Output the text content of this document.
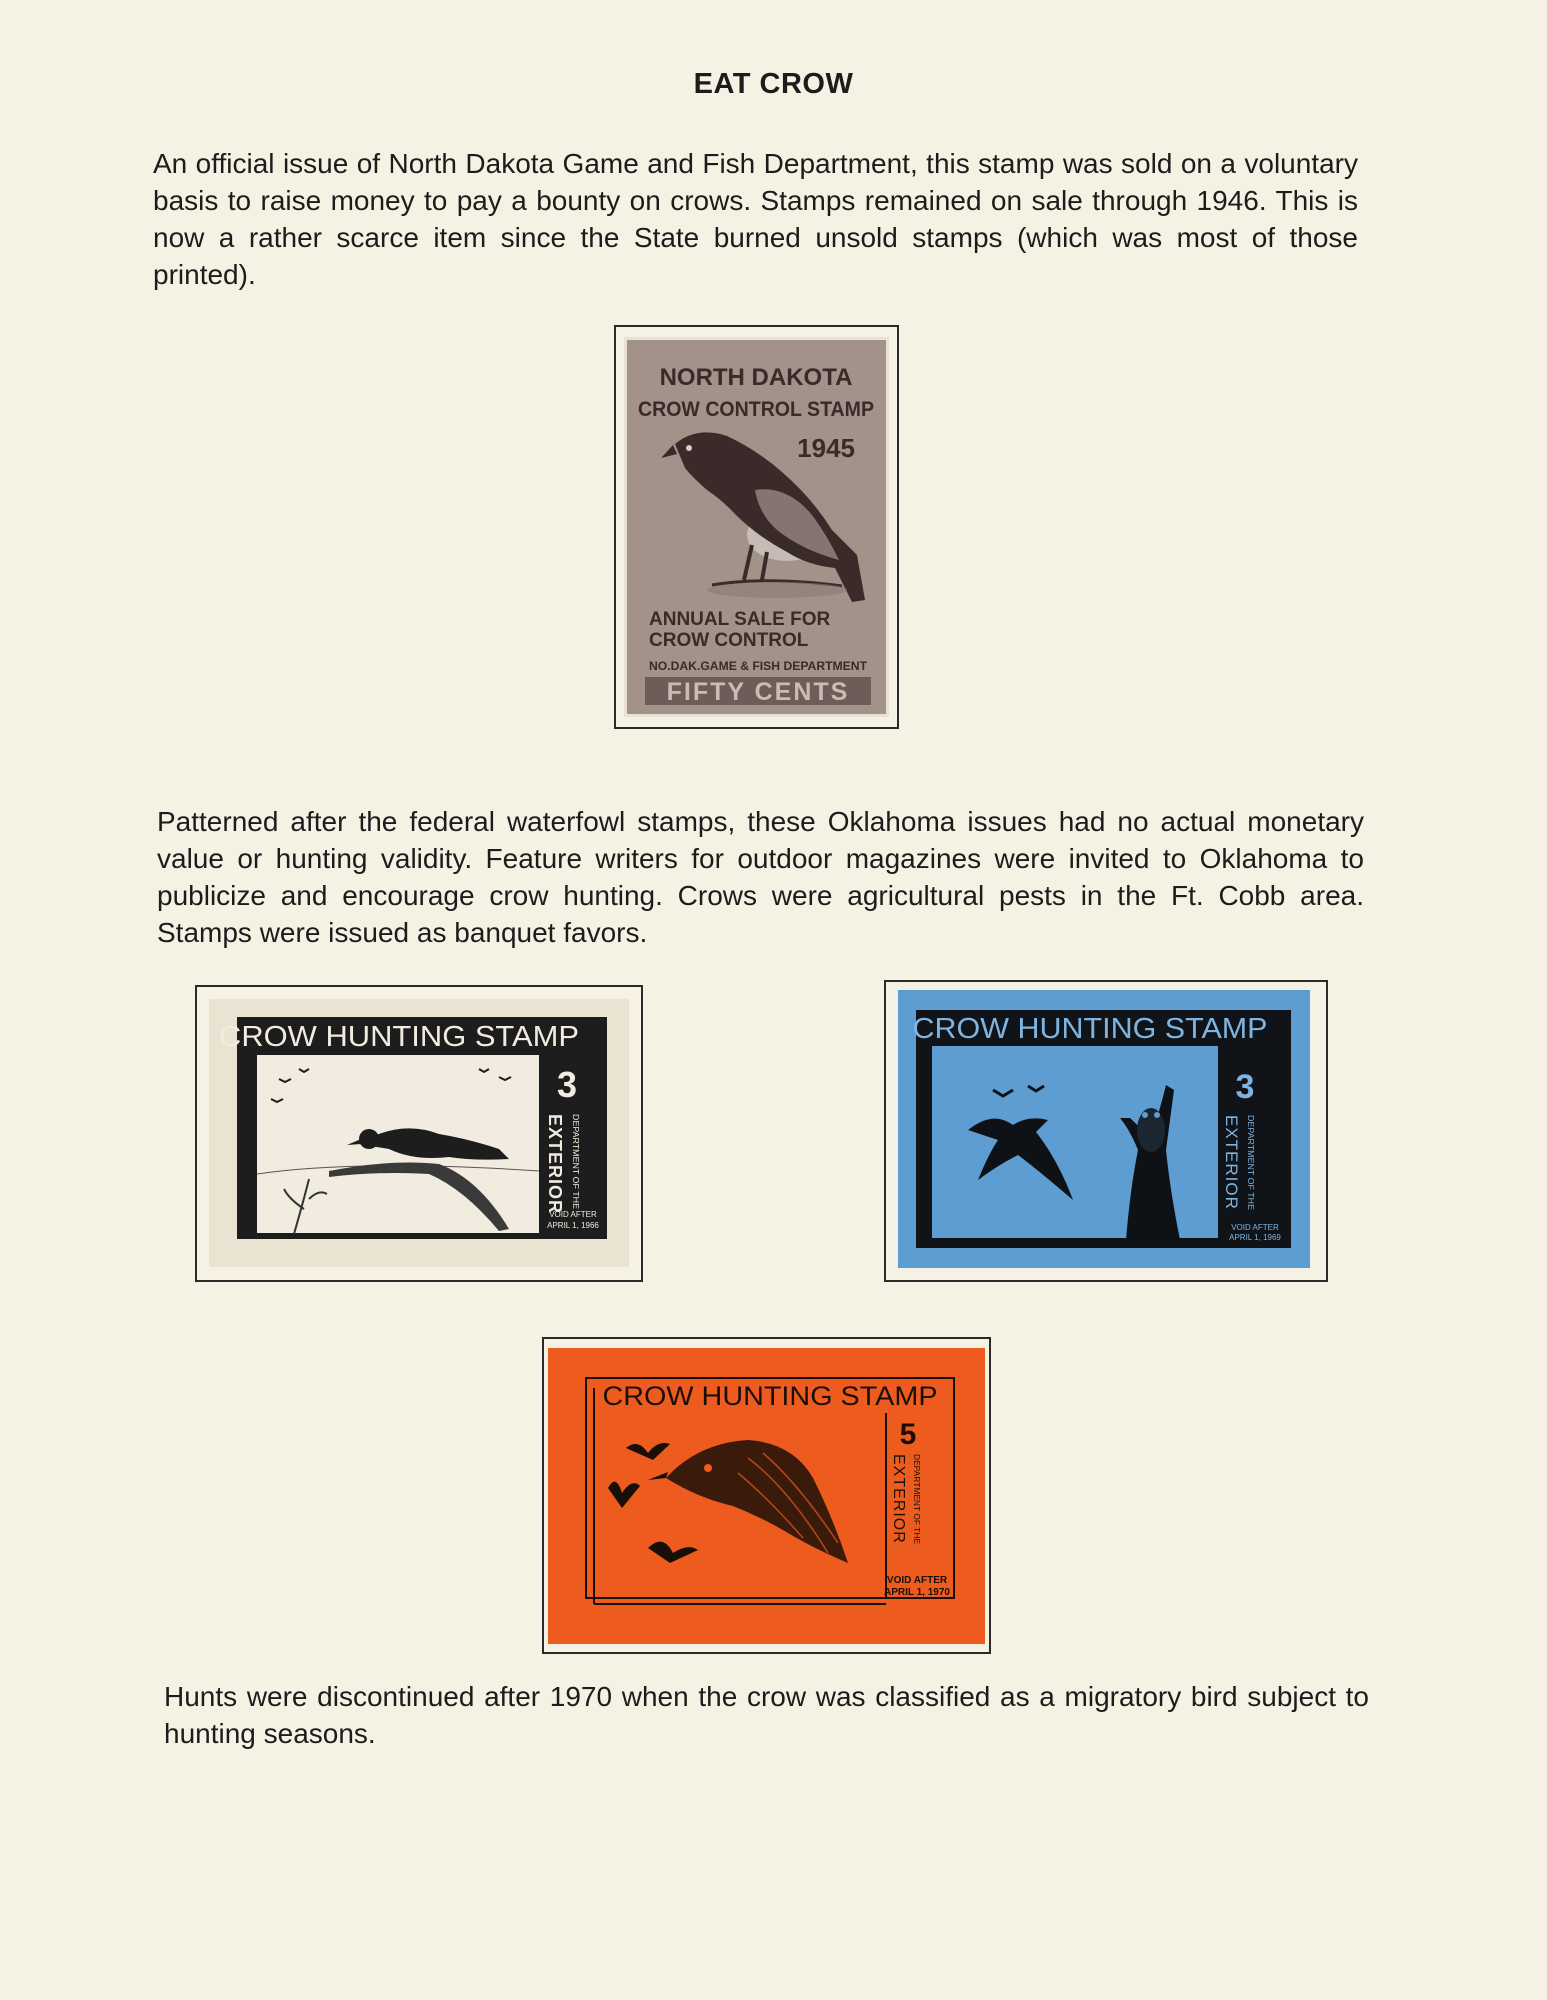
EAT CROW

An official issue of North Dakota Game and Fish Department, this stamp was sold on a voluntary basis to raise money to pay a bounty on crows. Stamps remained on sale through 1946. This is now a rather scarce item since the State burned unsold stamps (which was most of those printed).

NORTH DAKOTA
CROW CONTROL STAMP
1945
ANNUAL SALE FOR
CROW CONTROL
NO.DAK.GAME & FISH DEPARTMENT
FIFTY CENTS

Patterned after the federal waterfowl stamps, these Oklahoma issues had no actual monetary value or hunting validity. Feature writers for outdoor magazines were invited to Oklahoma to publicize and encourage crow hunting. Crows were agricultural pests in the Ft. Cobb area. Stamps were issued as banquet favors.

CROW HUNTING STAMP
3
EXTERIOR DEPARTMENT OF THE
VOID AFTER
APRIL 1, 1966
CROW HUNTING STAMP
3
EXTERIOR DEPARTMENT OF THE
VOID AFTER
APRIL 1, 1969
CROW HUNTING STAMP
5
EXTERIOR DEPARTMENT OF THE
VOID AFTER
APRIL 1, 1970

Hunts were discontinued after 1970 when the crow was classified as a migratory bird subject to hunting seasons.
